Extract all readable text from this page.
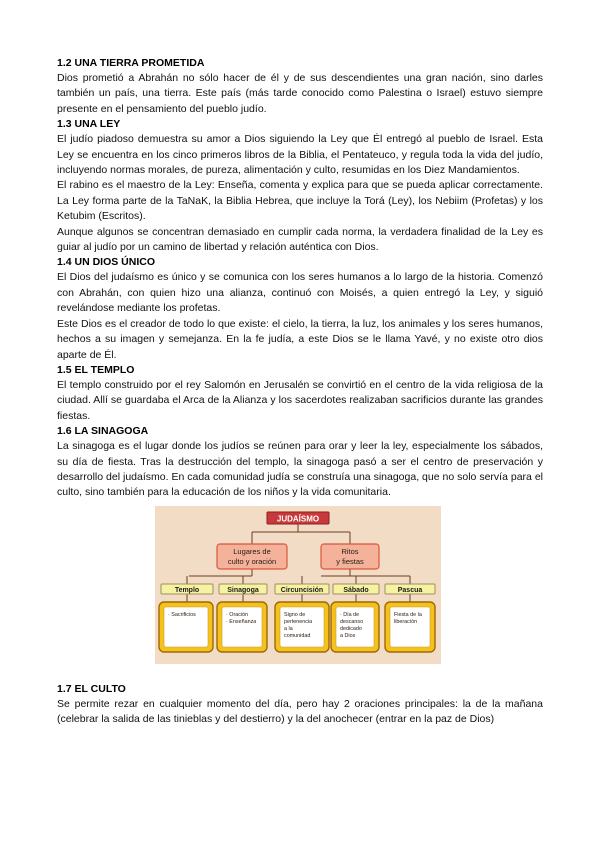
1.2 UNA TIERRA PROMETIDA

Dios prometió a Abrahán no sólo hacer de él y de sus descendientes una gran nación, sino darles también un país, una tierra. Este país (más tarde conocido como Palestina o Israel) estuvo siempre presente en el pensamiento del pueblo judío.

1.3 UNA LEY

El judío piadoso demuestra su amor a Dios siguiendo la Ley que Él entregó al pueblo de Israel. Esta Ley se encuentra en los cinco primeros libros de la Biblia, el Pentateuco, y regula toda la vida del judío, incluyendo normas morales, de pureza, alimentación y culto, resumidas en los Diez Mandamientos.

El rabino es el maestro de la Ley: Enseña, comenta y explica para que se pueda aplicar correctamente. La Ley forma parte de la TaNaK, la Biblia Hebrea, que incluye la Torá (Ley), los Nebiim (Profetas) y los Ketubim (Escritos).

Aunque algunos se concentran demasiado en cumplir cada norma, la verdadera finalidad de la Ley es guiar al judío por un camino de libertad y relación auténtica con Dios.

1.4 UN DIOS ÚNICO

El Dios del judaísmo es único y se comunica con los seres humanos a lo largo de la historia. Comenzó con Abrahán, con quien hizo una alianza, continuó con Moisés, a quien entregó la Ley, y siguió revelándose mediante los profetas.

Este Dios es el creador de todo lo que existe: el cielo, la tierra, la luz, los animales y los seres humanos, hechos a su imagen y semejanza. En la fe judía, a este Dios se le llama Yavé, y no existe otro dios aparte de Él.

1.5 EL TEMPLO

El templo construido por el rey Salomón en Jerusalén se convirtió en el centro de la vida religiosa de la ciudad. Allí se guardaba el Arca de la Alianza y los sacerdotes realizaban sacrificios durante las grandes fiestas.

1.6 LA SINAGOGA

La sinagoga es el lugar donde los judíos se reúnen para orar y leer la ley, especialmente los sábados, su día de fiesta. Tras la destrucción del templo, la sinagoga pasó a ser el centro de preservación y desarrollo del judaísmo. En cada comunidad judía se construía una sinagoga, que no solo servía para el culto, sino también para la educación de los niños y la vida comunitaria.

JUDAÍSMO
Lugares de
culto y oración
Ritos
y fiestas
Templo	Sinagoga	Circuncisión	Sábado	Pascua
· Sacrificios	· Oración
· Enseñanza
Signo de
pertenencia
a la
comunidad
· Día de
descanso
dedicado
a Dios
Fiesta de la
liberación
1.7 EL CULTO

Se permite rezar en cualquier momento del día, pero hay 2 oraciones principales: la de la mañana (celebrar la salida de las tinieblas y del destierro) y la del anochecer (entrar en la paz de Dios)
